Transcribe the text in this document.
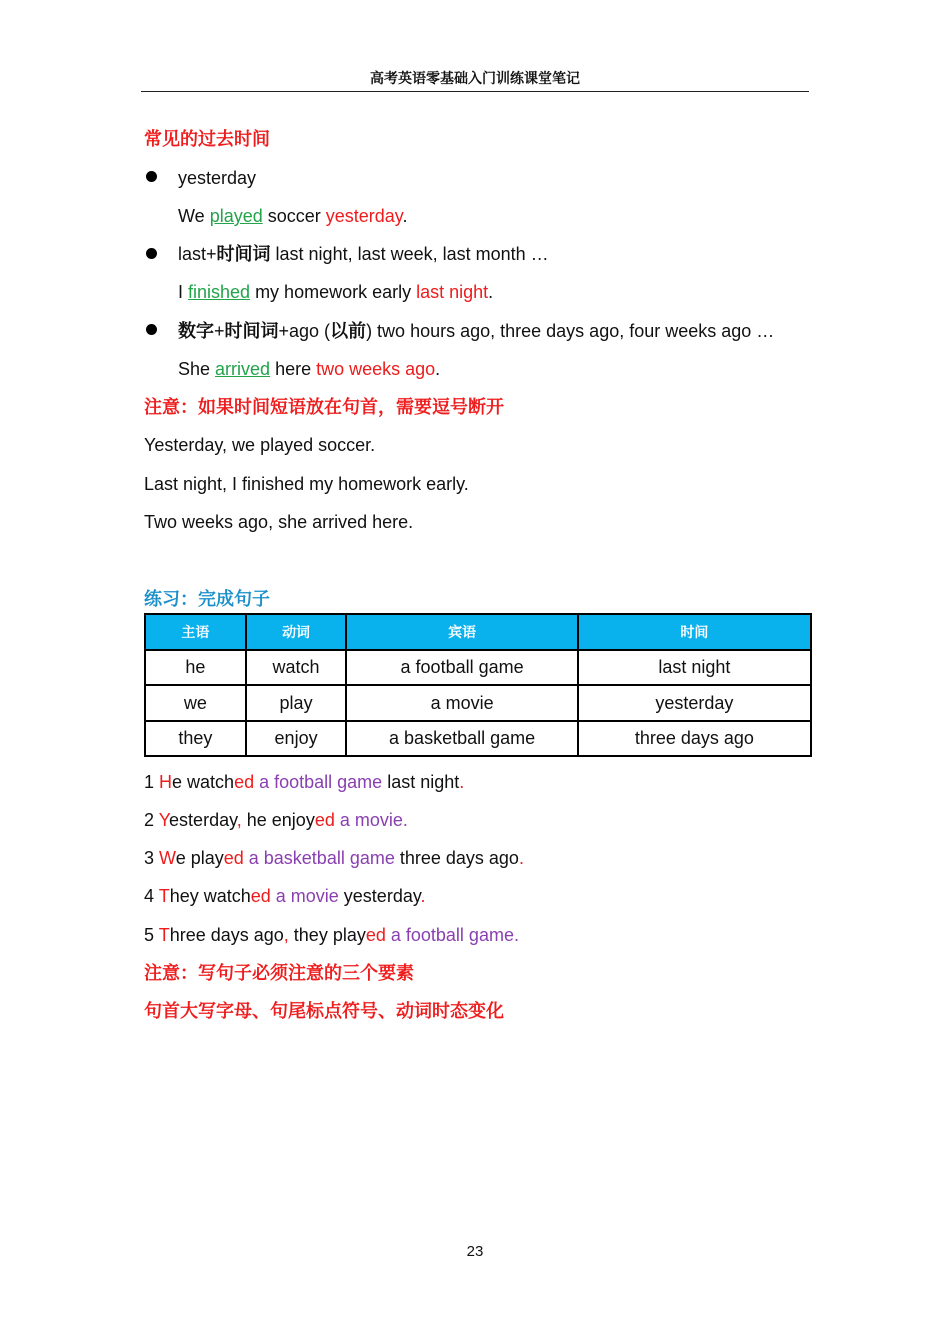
高考英语零基础入门训练课堂笔记
常见的过去时间
yesterday
We played soccer yesterday.
last+时间词 last night, last week, last month …
I finished my homework early last night.
数字+时间词+ago (以前) two hours ago, three days ago, four weeks ago …
She arrived here two weeks ago.
注意：如果时间短语放在句首，需要逗号断开
Yesterday, we played soccer.
Last night, I finished my homework early.
Two weeks ago, she arrived here.
练习：完成句子
主语	动词	宾语	时间
he	watch	a football game	last night
we	play	a movie	yesterday
they	enjoy	a basketball game	three days ago
1 He watched a football game last night.
2 Yesterday, he enjoyed a movie.
3 We played a basketball game three days ago.
4 They watched a movie yesterday.
5 Three days ago, they played a football game.
注意：写句子必须注意的三个要素
句首大写字母、句尾标点符号、动词时态变化
23
